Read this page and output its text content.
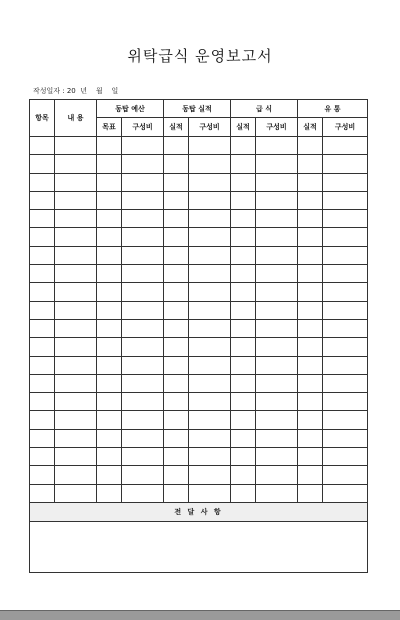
위탁급식 운영보고서
작성일자 : 20  년    월    일
항목	내 용	동탑 예산		동탑 실적		급 식		유 통	
		목표	구성비	실적	구성비	실적	구성비	실적	구성비

전 달 사 항									
